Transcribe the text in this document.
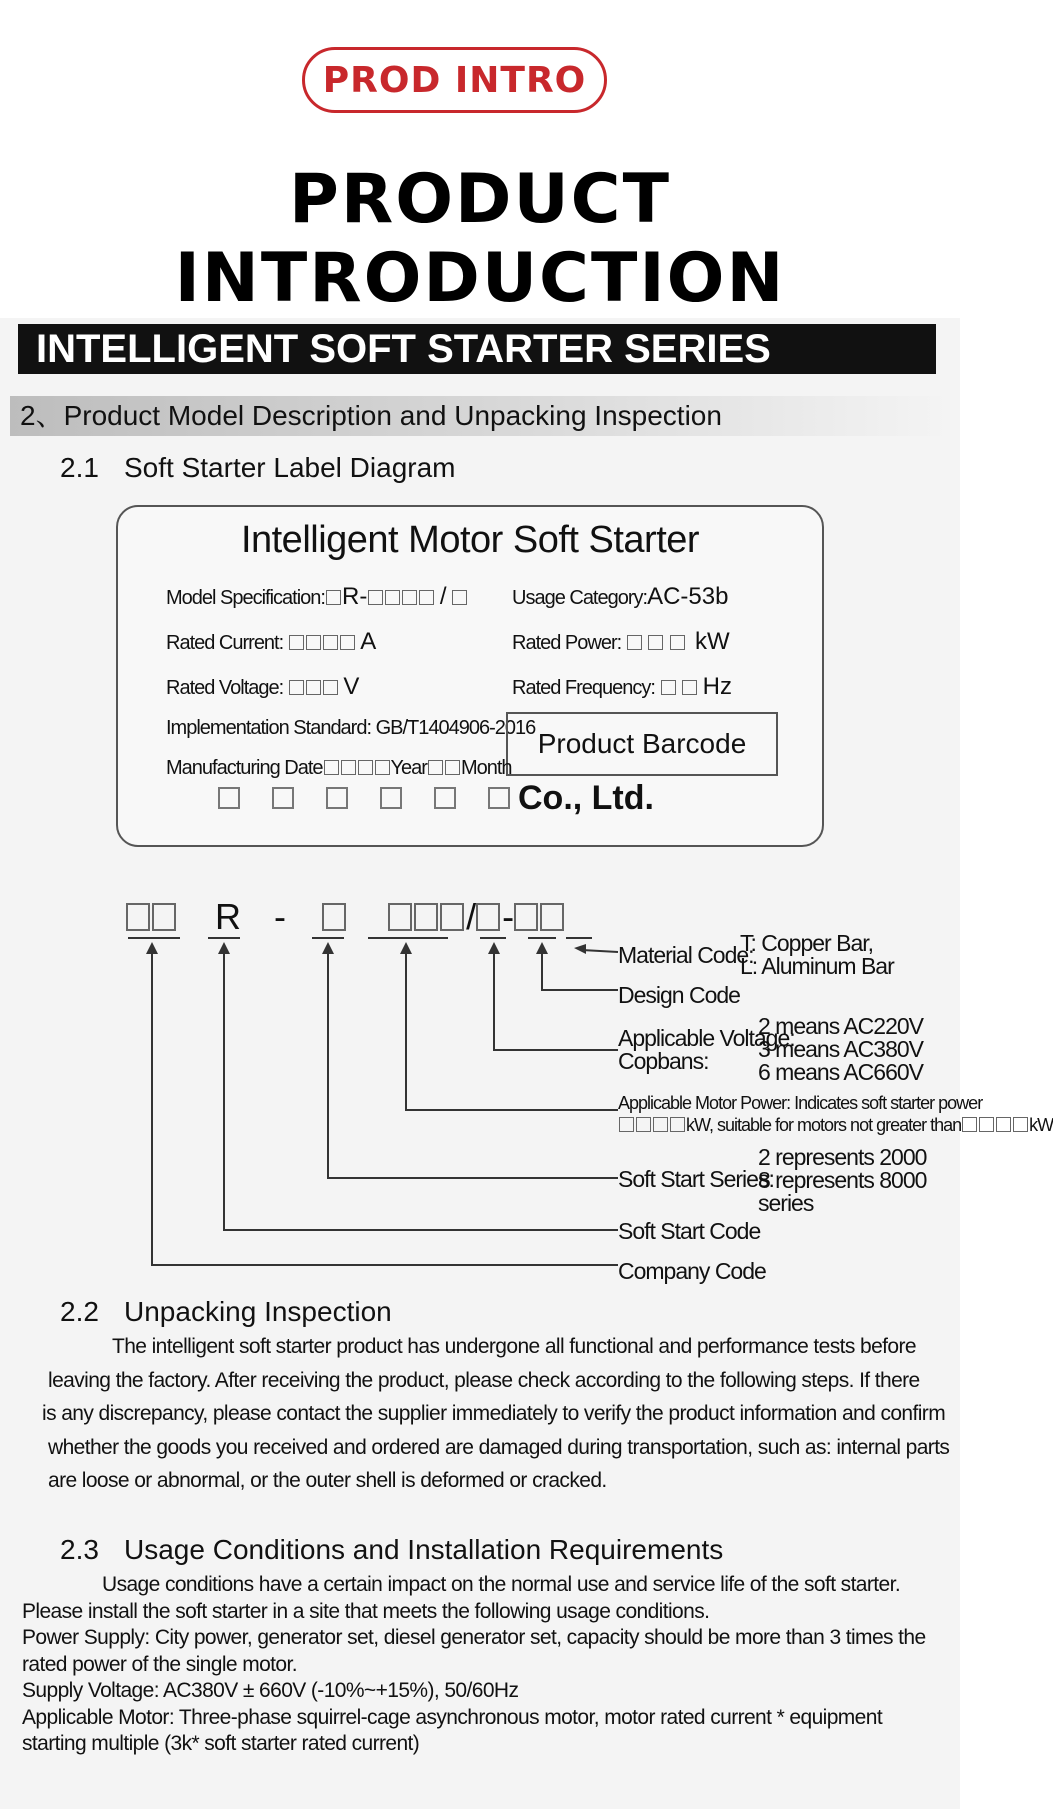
PROD INTRO
PRODUCT INTRODUCTION
INTELLIGENT SOFT STARTER SERIES
2、Product Model Description and Unpacking Inspection
2.1 Soft Starter Label Diagram
Intelligent Motor Soft Starter
Model Specification: R-	/	Usage Category:AC-53b
Rated Current:	A	Rated Power:	kW
Rated Voltage:	V	Rated Frequency: Hz
Implementation Standard: GB/T1404906-2016 Product Barcode
Manufacturing Date	Year Month
Co., Ltd.
R -	/ -
Material Code:
T: Copper Bar,
L: Aluminum Bar
Design Code
Applicable Voltage:
Copbans:
2 means AC220V
3 means AC380V
6 means AC660V
Applicable Motor Power: Indicates soft starter power
kW, suitable for motors not greater than	kW
Soft Start Series:
2 represents 2000
8 represents 8000
series
Soft Start Code
Company Code
2.2 Unpacking Inspection

The intelligent soft starter product has undergone all functional and performance tests before

leaving the factory. After receiving the product, please check according to the following steps. If there

is any discrepancy, please contact the supplier immediately to verify the product information and confirm

whether the goods you received and ordered are damaged during transportation, such as: internal parts

are loose or abnormal, or the outer shell is deformed or cracked.

2.3 Usage Conditions and Installation Requirements

Usage conditions have a certain impact on the normal use and service life of the soft starter.

Please install the soft starter in a site that meets the following usage conditions.

Power Supply: City power, generator set, diesel generator set, capacity should be more than 3 times the

rated power of the single motor.

Supply Voltage: AC380V ± 660V (-10%~+15%), 50/60Hz

Applicable Motor: Three-phase squirrel-cage asynchronous motor, motor rated current * equipment

starting multiple (3k* soft starter rated current)
